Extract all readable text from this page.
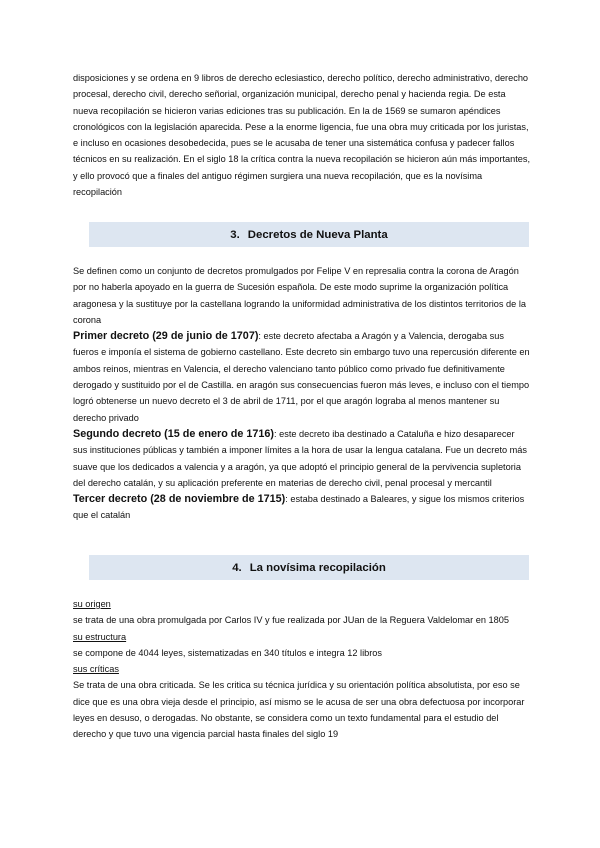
disposiciones y se ordena en 9 libros de derecho eclesiastico, derecho político, derecho administrativo, derecho procesal, derecho civil, derecho señorial, organización municipal, derecho penal y hacienda regia. De esta nueva recopilación se hicieron varias ediciones tras su publicación. En la de 1569 se sumaron apéndices cronológicos con la legislación aparecida. Pese a la enorme ligencia, fue una obra muy criticada por los juristas, e incluso en ocasiones desobedecida, pues se le acusaba de tener una sistemática confusa y padecer fallos técnicos en su realización. En el siglo 18 la crítica contra la nueva recopilación se hicieron aún más importantes, y ello provocó que a finales del antiguo régimen surgiera una nueva recopilación, que es la novísima recopilación

3. Decretos de Nueva Planta

Se definen como un conjunto de decretos promulgados por Felipe V en represalia contra la corona de Aragón por no haberla apoyado en la guerra de Sucesión española. De este modo suprime la organización política aragonesa y la sustituye por la castellana logrando la uniformidad administrativa de los distintos territorios de la corona

Primer decreto (29 de junio de 1707): este decreto afectaba a Aragón y a Valencia, derogaba sus fueros e imponía el sistema de gobierno castellano. Este decreto sin embargo tuvo una repercusión diferente en ambos reinos, mientras en Valencia, el derecho valenciano tanto público como privado fue definitivamente derogado y sustituido por el de Castilla. en aragón sus consecuencias fueron más leves, e incluso con el tiempo logró obtenerse un nuevo decreto el 3 de abril de 1711, por el que aragón lograba al menos mantener su derecho privado

Segundo decreto (15 de enero de 1716): este decreto iba destinado a Cataluña e hizo desaparecer sus instituciones públicas y también a imponer límites a la hora de usar la lengua catalana. Fue un decreto más suave que los dedicados a valencia y a aragón, ya que adoptó el principio general de la pervivencia supletoria del derecho catalán, y su aplicación preferente en materias de derecho civil, penal procesal y mercantil

Tercer decreto (28 de noviembre de 1715): estaba destinado a Baleares, y sigue los mismos criterios que el catalán

4. La novísima recopilación

su origen

se trata de una obra promulgada por Carlos IV y fue realizada por JUan de la Reguera Valdelomar en 1805

su estructura

se compone de 4044 leyes, sistematizadas en 340 títulos e integra 12 libros

sus críticas

Se trata de una obra criticada. Se les critica su técnica jurídica y su orientación política absolutista, por eso se dice que es una obra vieja desde el principio, así mismo se le acusa de ser una obra defectuosa por incorporar leyes en desuso, o derogadas. No obstante, se considera como un texto fundamental para el estudio del derecho y que tuvo una vigencia parcial hasta finales del siglo 19
